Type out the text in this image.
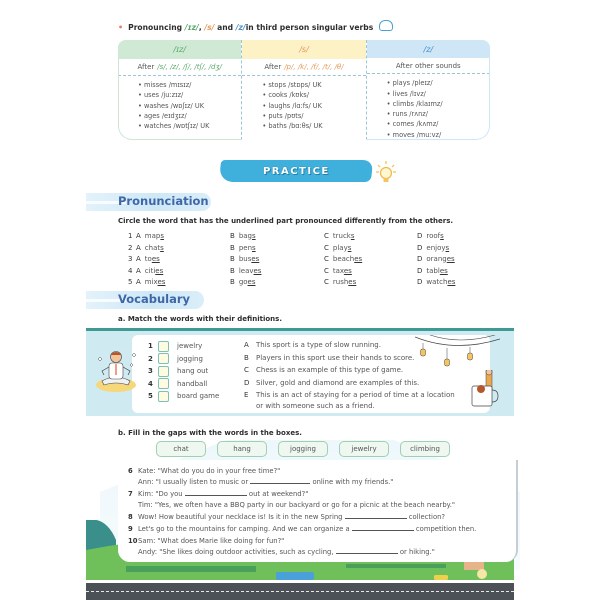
• Pronouncing
/ɪz/ ,
/s/
and
/z/ in third person singular verbs
/ɪz/
After /s/, /z/, /ʃ/, /tʃ/, /dʒ/
• misses /mɪsɪz/
• uses /juːzɪz/
• washes /wɒʃɪz/ UK
• ages /eɪdʒɪz/
• watches /wɒtʃɪz/ UK
/s/
After /p/, /k/, /f/, /t/, /θ/
• stops /stɒps/ UK
• cooks /kʊks/
• laughs /lɑːfs/ UK
• puts /pʊts/
• baths /bɑːθs/ UK
/z/
After other sounds
• plays /pleɪz/
• lives /lɪvz/
• climbs /klaɪmz/
• runs /rʌnz/
• comes /kʌmz/
• moves /muːvz/
PRACTICE
Pronunciation
Circle the word that has the underlined part pronounced differently from the others.
1 A maps	B bags	C trucks	D roofs
2 A chats	B pens	C plays	D enjoys
3 A toes	B buses	C beaches	D oranges
4 A cities	B leaves	C taxes	D tables
5 A mixes	B goes	C rushes	D watches
Vocabulary
a. Match the words with their definitions.
1	jewelry
2	jogging
3	hang out
4	handball
5	board game
A This sport is a type of slow running.
B Players in this sport use their hands to score.
C Chess is an example of this type of game.
D Silver, gold and diamond are examples of this.
E This is an act of staying for a period of time at a location
or with someone such as a friend.
b. Fill in the gaps with the words in the boxes.
chat	hang	jogging	jewelry	climbing
6 Kate: "What do you do in your free time?"
Ann: "I usually listen to music or	online with my friends."
7 Kim: "Do you	out at weekend?"
Tim: "Yes, we often have a BBQ party in our backyard or go for a picnic at the beach nearby."
8 Wow! How beautiful your necklace is! Is it in the new Spring	collection?
9 Let's go to the mountains for camping. And we can organize a	competition then.
10 Sam: "What does Marie like doing for fun?"
Andy: "She likes doing outdoor activities, such as cycling,	or hiking."
